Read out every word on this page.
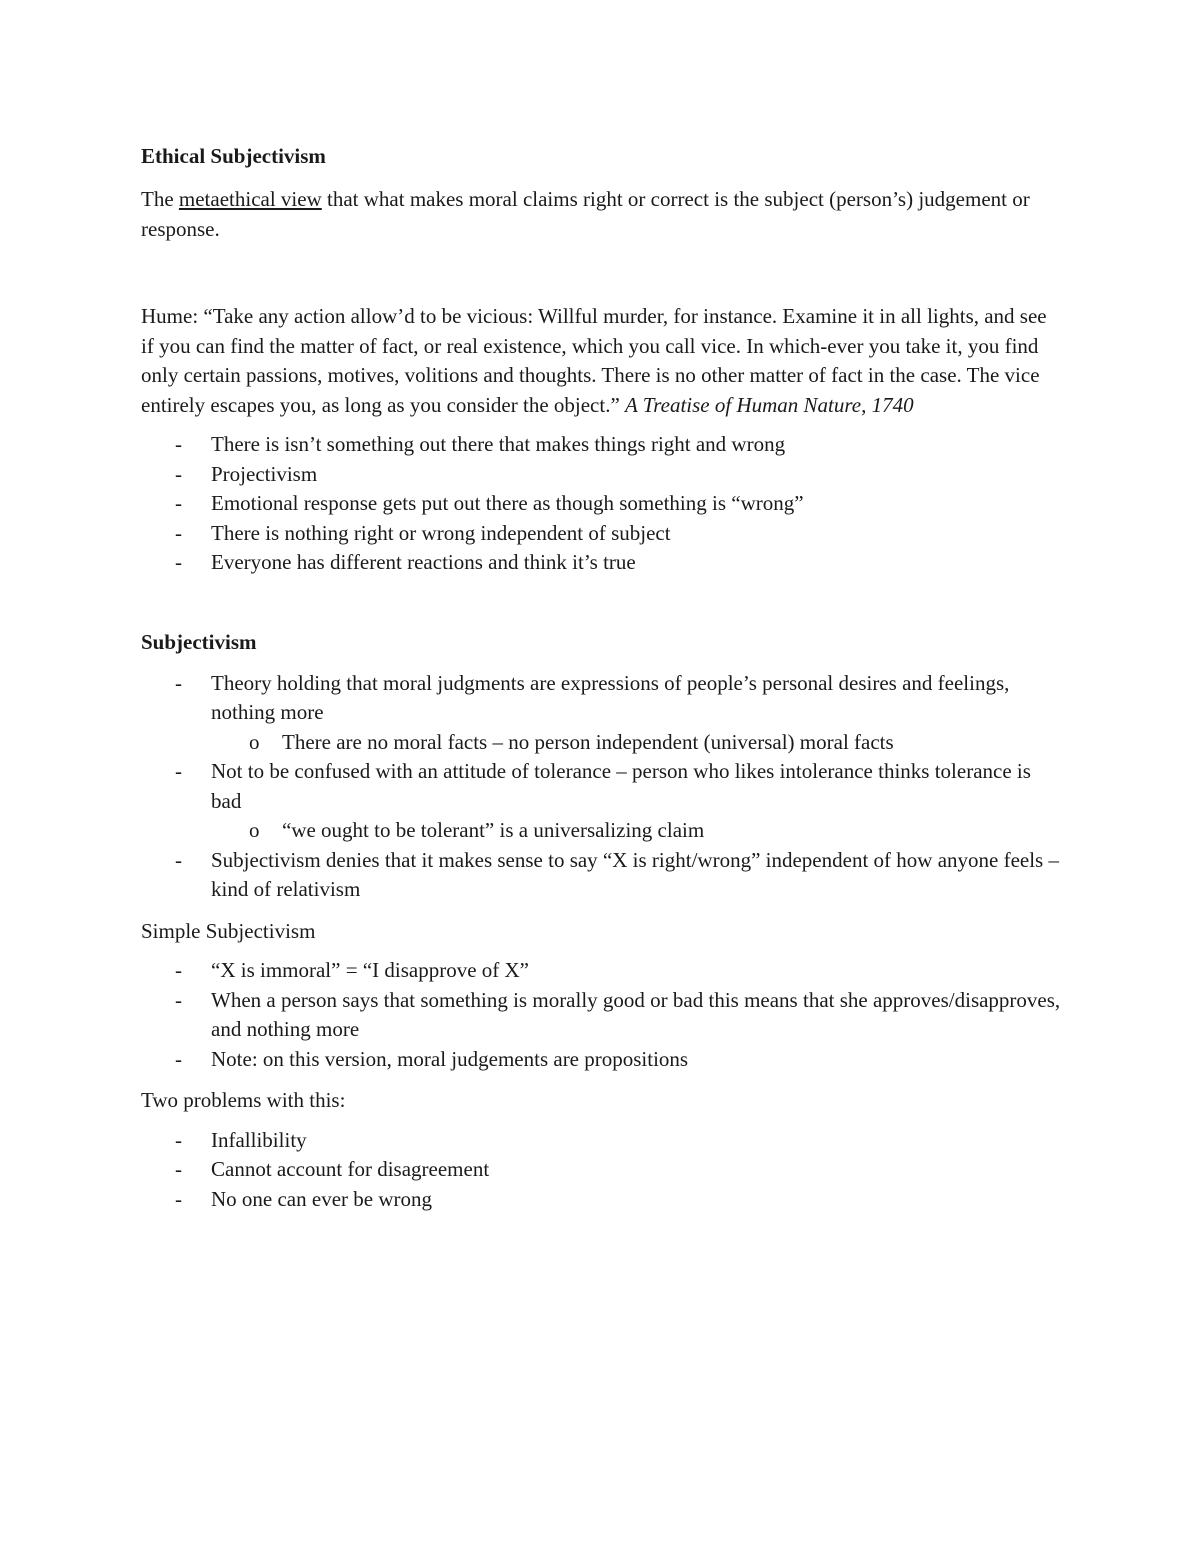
Ethical Subjectivism

The metaethical view that what makes moral claims right or correct is the subject (person’s) judgement or response.

Hume: “Take any action allow’d to be vicious: Willful murder, for instance. Examine it in all lights, and see if you can find the matter of fact, or real existence, which you call vice. In which-ever you take it, you find only certain passions, motives, volitions and thoughts. There is no other matter of fact in the case. The vice entirely escapes you, as long as you consider the object.” A Treatise of Human Nature, 1740

- There is isn’t something out there that makes things right and wrong
- Projectivism
- Emotional response gets put out there as though something is “wrong”
- There is nothing right or wrong independent of subject
- Everyone has different reactions and think it’s true

Subjectivism

- Theory holding that moral judgments are expressions of people’s personal desires and feelings, nothing more
o There are no moral facts – no person independent (universal) moral facts
- Not to be confused with an attitude of tolerance – person who likes intolerance thinks tolerance is bad
o “we ought to be tolerant” is a universalizing claim
- Subjectivism denies that it makes sense to say “X is right/wrong” independent of how anyone feels – kind of relativism

Simple Subjectivism

- “X is immoral” = “I disapprove of X”
- When a person says that something is morally good or bad this means that she approves/disapproves, and nothing more
- Note: on this version, moral judgements are propositions

Two problems with this:

- Infallibility
- Cannot account for disagreement
- No one can ever be wrong
